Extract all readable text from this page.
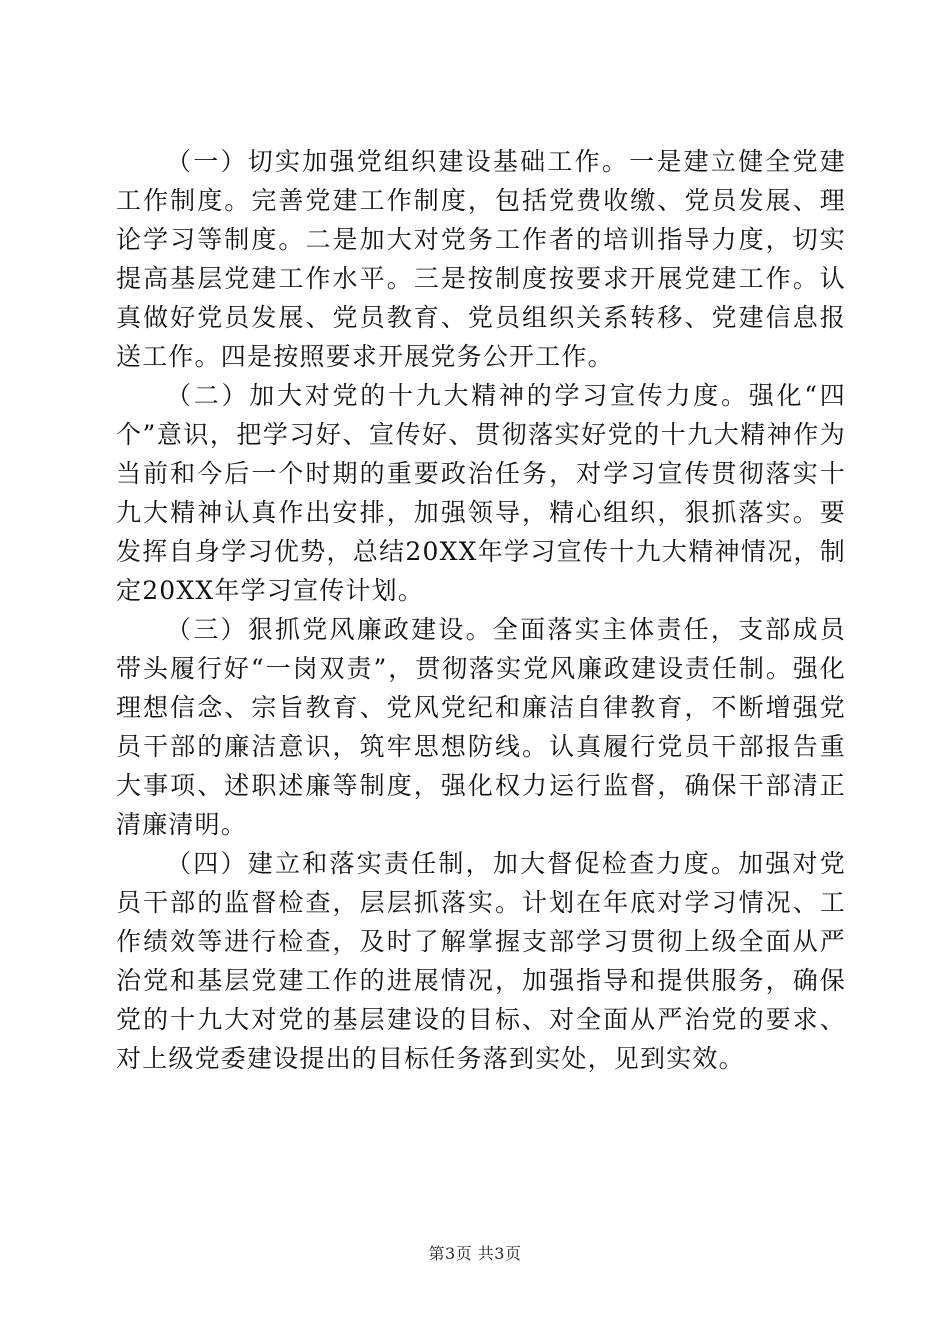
（一）切实加强党组织建设基础工作。一是建立健全党建工作制度。完善党建工作制度，包括党费收缴、党员发展、理论学习等制度。二是加大对党务工作者的培训指导力度，切实提高基层党建工作水平。三是按制度按要求开展党建工作。认真做好党员发展、党员教育、党员组织关系转移、党建信息报送工作。四是按照要求开展党务公开工作。

（二）加大对党的十九大精神的学习宣传力度。强化“四个”意识，把学习好、宣传好、贯彻落实好党的十九大精神作为当前和今后一个时期的重要政治任务，对学习宣传贯彻落实十九大精神认真作出安排，加强领导，精心组织，狠抓落实。要发挥自身学习优势，总结20XX年学习宣传十九大精神情况，制定20XX年学习宣传计划。

（三）狠抓党风廉政建设。全面落实主体责任，支部成员带头履行好“一岗双责”，贯彻落实党风廉政建设责任制。强化理想信念、宗旨教育、党风党纪和廉洁自律教育，不断增强党员干部的廉洁意识，筑牢思想防线。认真履行党员干部报告重大事项、述职述廉等制度，强化权力运行监督，确保干部清正清廉清明。

（四）建立和落实责任制，加大督促检查力度。加强对党员干部的监督检查，层层抓落实。计划在年底对学习情况、工作绩效等进行检查，及时了解掌握支部学习贯彻上级全面从严治党和基层党建工作的进展情况，加强指导和提供服务，确保党的十九大对党的基层建设的目标、对全面从严治党的要求、对上级党委建设提出的目标任务落到实处，见到实效。

第3页 共3页
